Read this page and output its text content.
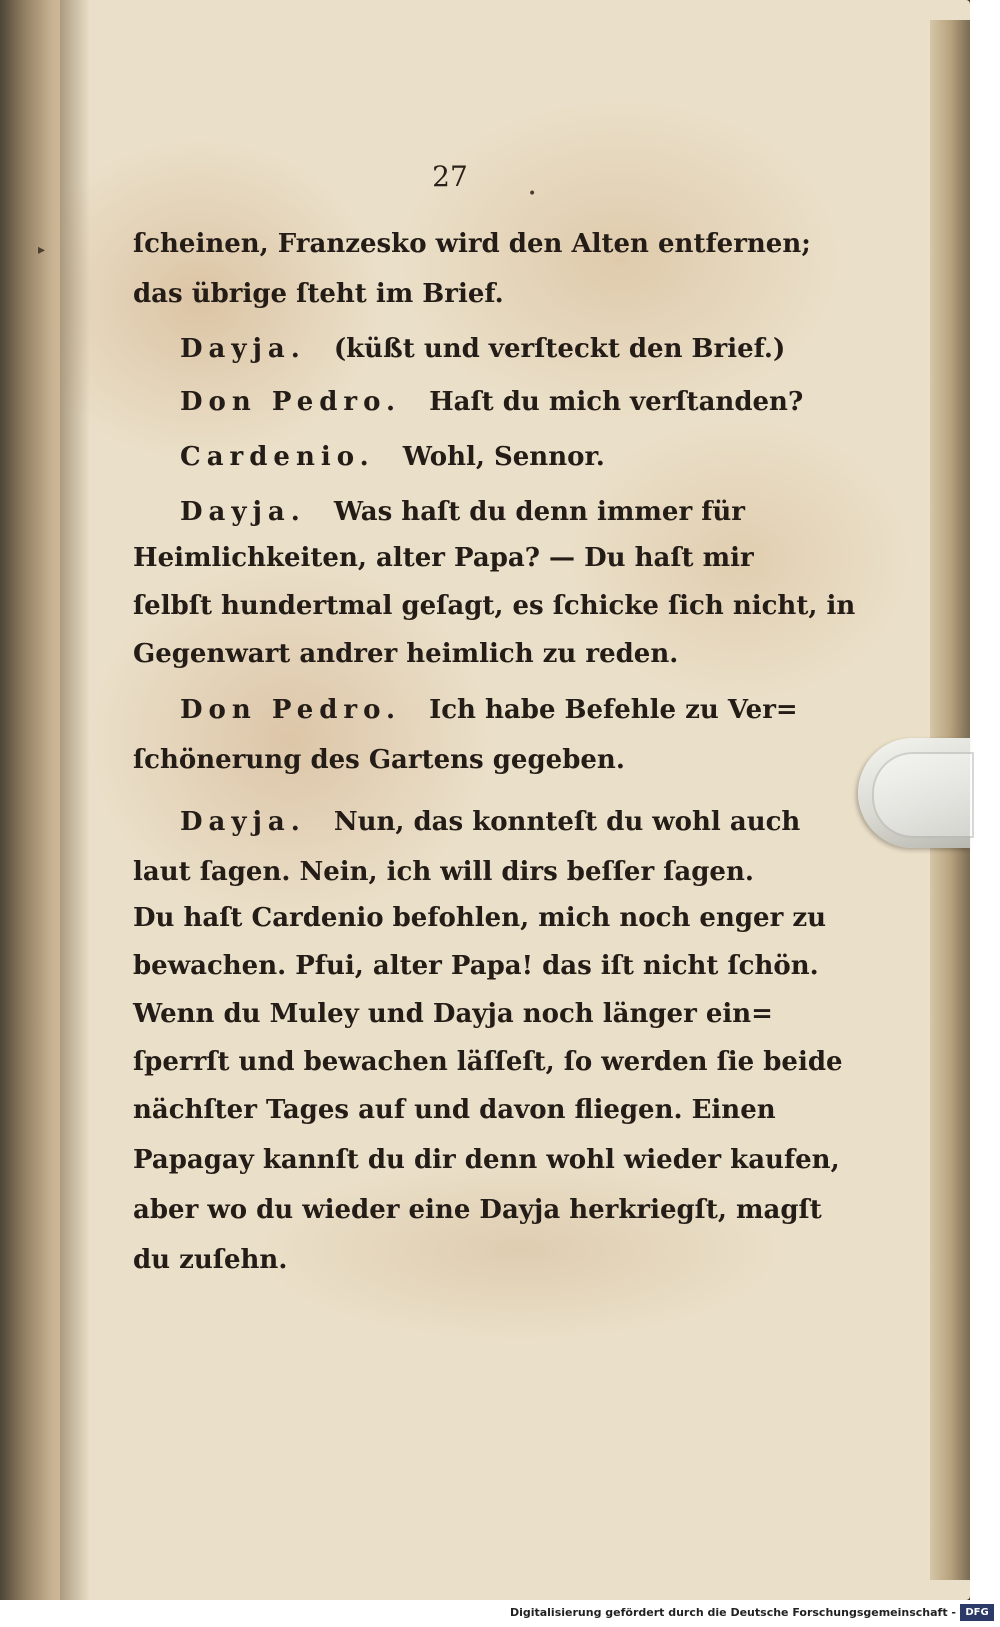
▸
•
27
ſcheinen, Franzesko wird den Alten entfernen;
das übrige ſteht im Brief.
Dayja. (küßt und verſteckt den Brief.)
Don Pedro. Haſt du mich verſtanden?
Cardenio. Wohl, Sennor.
Dayja. Was haſt du denn immer für
Heimlichkeiten, alter Papa? — Du haſt mir
ſelbſt hundertmal geſagt, es ſchicke ſich nicht, in
Gegenwart andrer heimlich zu reden.
Don Pedro. Ich habe Befehle zu Ver=
ſchönerung des Gartens gegeben.
Dayja. Nun, das konnteſt du wohl auch
laut ſagen. Nein, ich will dirs beſſer ſagen.
Du haſt Cardenio befohlen, mich noch enger zu
bewachen. Pfui, alter Papa! das iſt nicht ſchön.
Wenn du Muley und Dayja noch länger ein=
ſperrſt und bewachen läſſeſt, ſo werden ſie beide
nächſter Tages auf und davon fliegen. Einen
Papagay kannſt du dir denn wohl wieder kaufen,
aber wo du wieder eine Dayja herkriegſt, magſt
du zuſehn.
Digitalisierung gefördert durch die Deutsche Forschungsgemeinschaft - DFG
